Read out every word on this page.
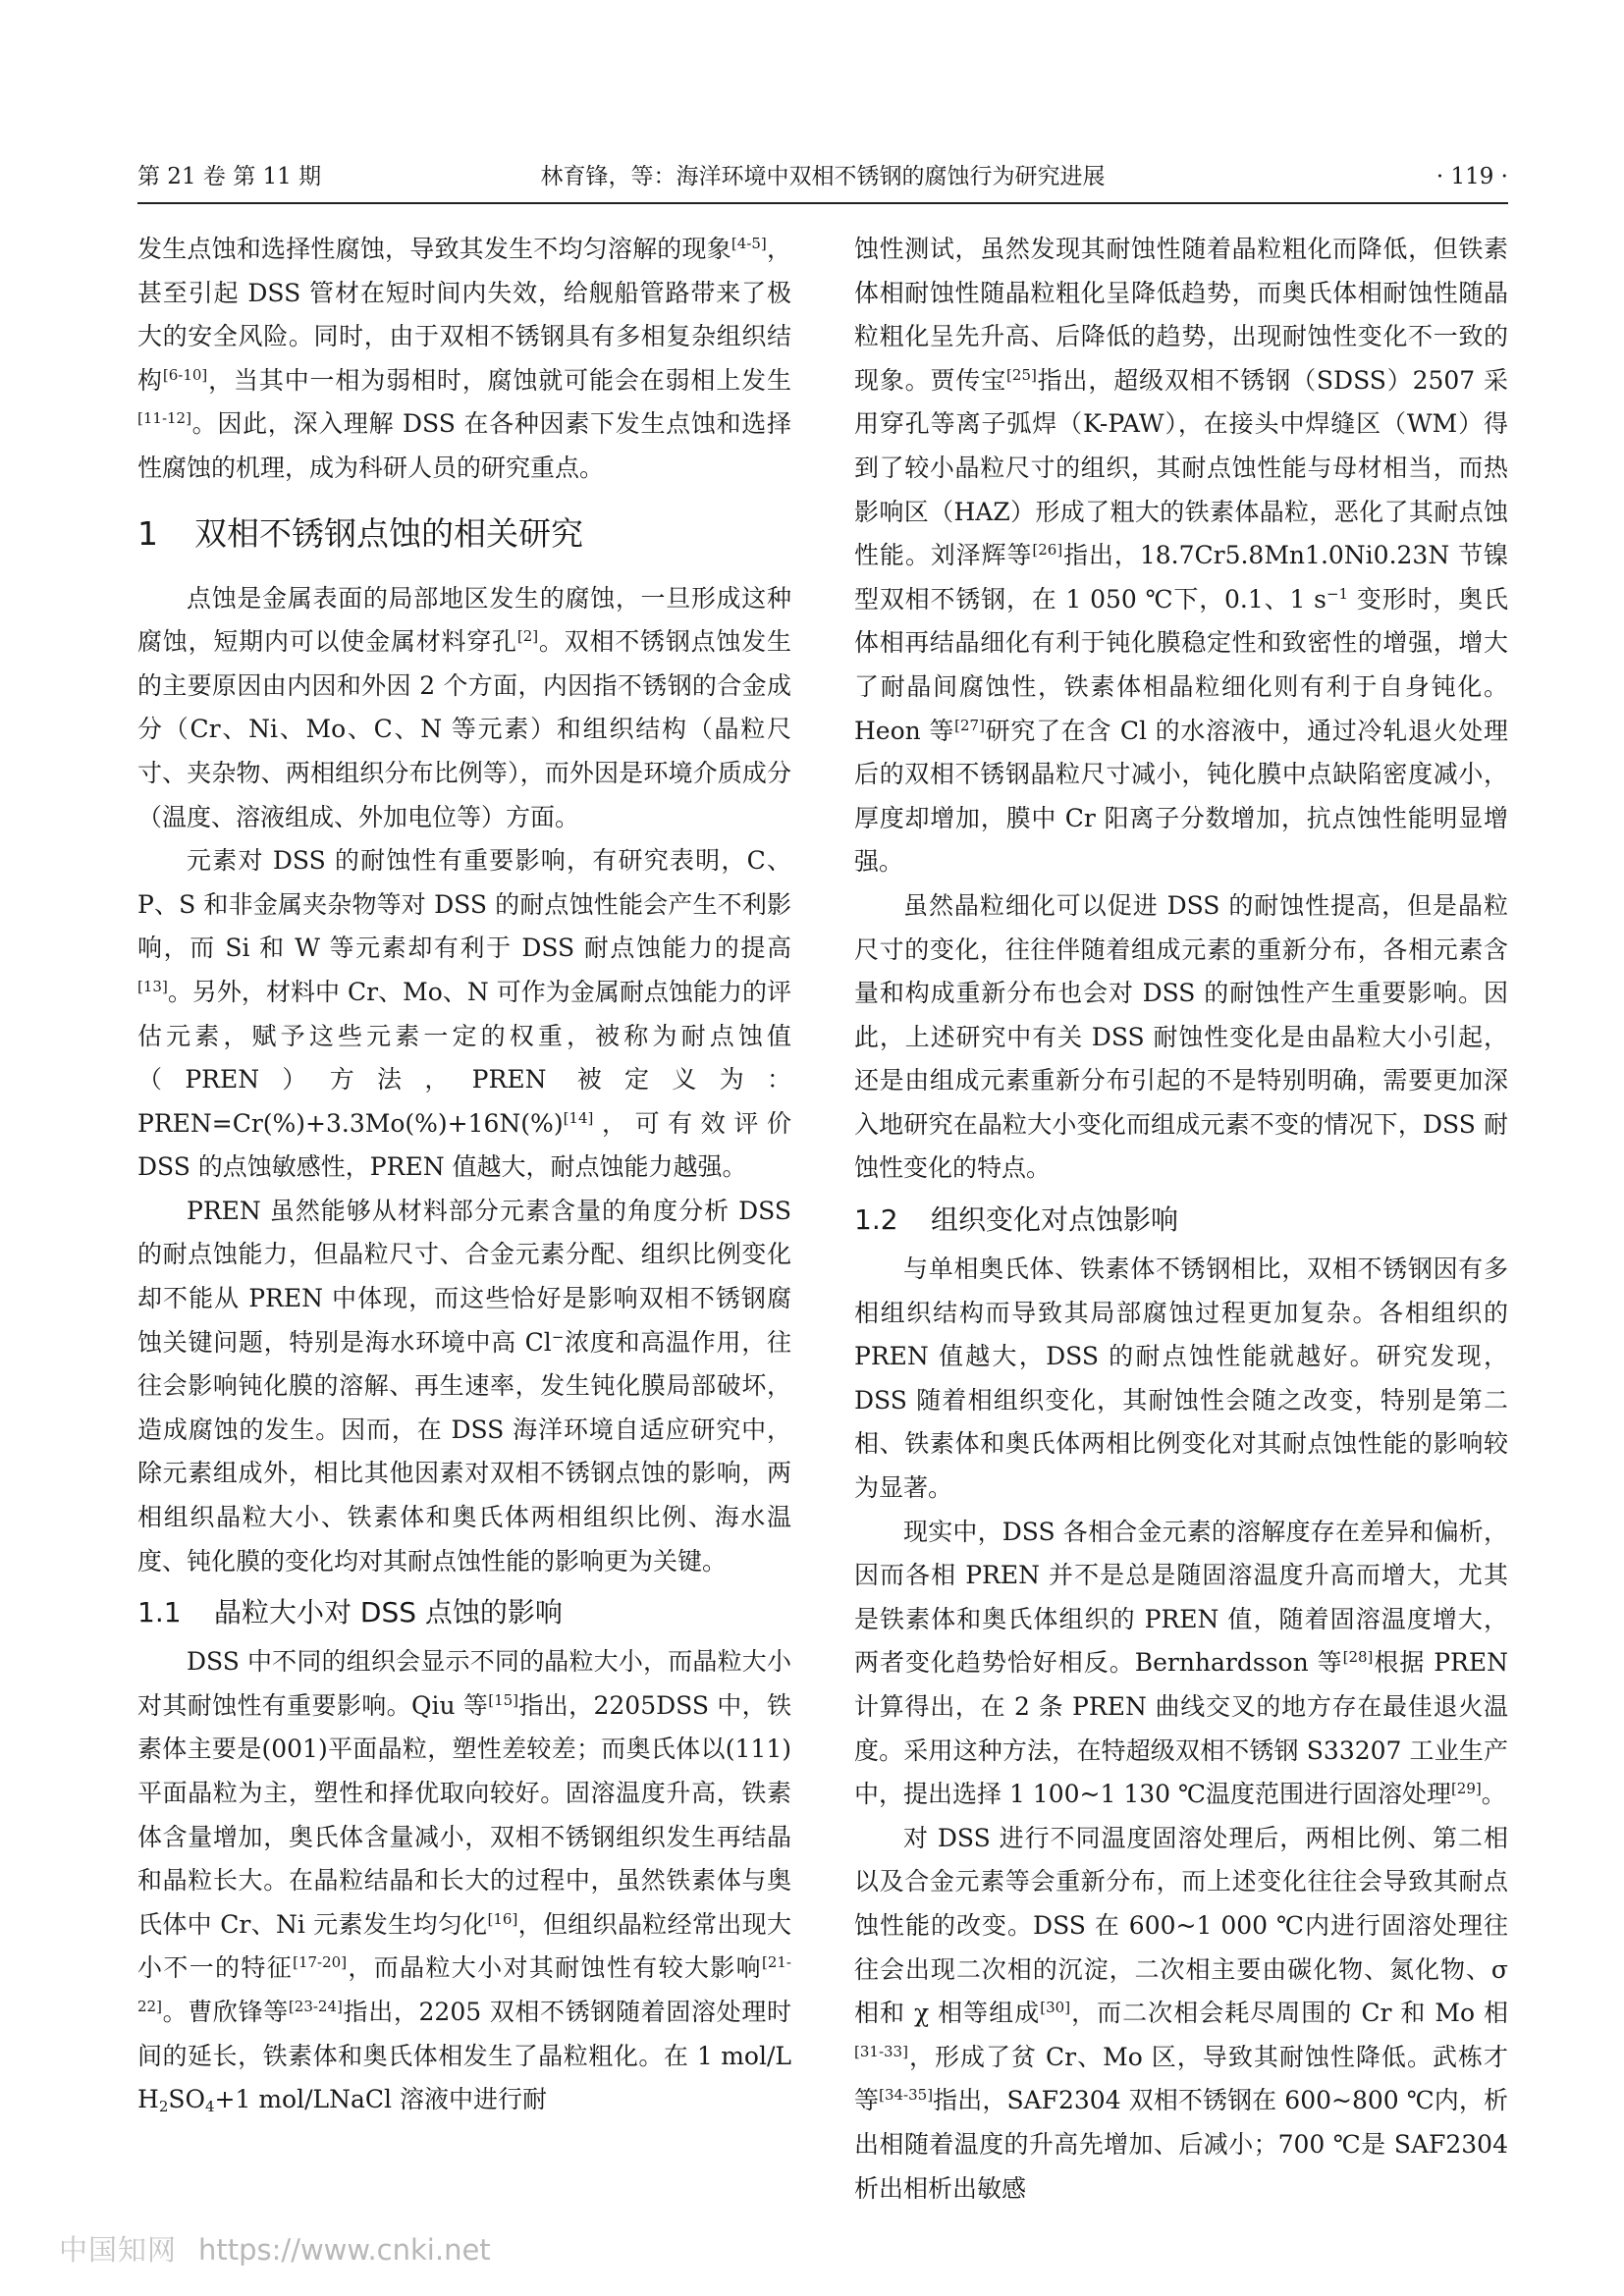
第 21 卷 第 11 期	林育锋，等：海洋环境中双相不锈钢的腐蚀行为研究进展	· 119 ·

发生点蚀和选择性腐蚀，导致其发生不均匀溶解的现象[4-5]，甚至引起 DSS 管材在短时间内失效，给舰船管路带来了极大的安全风险。同时，由于双相不锈钢具有多相复杂组织结构[6-10]，当其中一相为弱相时，腐蚀就可能会在弱相上发生[11-12]。因此，深入理解 DSS 在各种因素下发生点蚀和选择性腐蚀的机理，成为科研人员的研究重点。

1 双相不锈钢点蚀的相关研究

点蚀是金属表面的局部地区发生的腐蚀，一旦形成这种腐蚀，短期内可以使金属材料穿孔[2]。双相不锈钢点蚀发生的主要原因由内因和外因 2 个方面，内因指不锈钢的合金成分（Cr、Ni、Mo、C、N 等元素）和组织结构（晶粒尺寸、夹杂物、两相组织分布比例等），而外因是环境介质成分（温度、溶液组成、外加电位等）方面。

元素对 DSS 的耐蚀性有重要影响，有研究表明，C、P、S 和非金属夹杂物等对 DSS 的耐点蚀性能会产生不利影响，而 Si 和 W 等元素却有利于 DSS 耐点蚀能力的提高[13]。另外，材料中 Cr、Mo、N 可作为金属耐点蚀能力的评估元素，赋予这些元素一定的权重，被称为耐点蚀值（PREN）方法，PREN 被定义为：PREN=Cr(%)+3.3Mo(%)+16N(%)[14]，可有效评价 DSS 的点蚀敏感性，PREN 值越大，耐点蚀能力越强。

PREN 虽然能够从材料部分元素含量的角度分析 DSS 的耐点蚀能力，但晶粒尺寸、合金元素分配、组织比例变化却不能从 PREN 中体现，而这些恰好是影响双相不锈钢腐蚀关键问题，特别是海水环境中高 Cl−浓度和高温作用，往往会影响钝化膜的溶解、再生速率，发生钝化膜局部破坏，造成腐蚀的发生。因而，在 DSS 海洋环境自适应研究中，除元素组成外，相比其他因素对双相不锈钢点蚀的影响，两相组织晶粒大小、铁素体和奥氏体两相组织比例、海水温度、钝化膜的变化均对其耐点蚀性能的影响更为关键。

1.1 晶粒大小对 DSS 点蚀的影响

DSS 中不同的组织会显示不同的晶粒大小，而晶粒大小对其耐蚀性有重要影响。Qiu 等[15]指出，2205DSS 中，铁素体主要是(001)平面晶粒，塑性差较差；而奥氏体以(111)平面晶粒为主，塑性和择优取向较好。固溶温度升高，铁素体含量增加，奥氏体含量减小，双相不锈钢组织发生再结晶和晶粒长大。在晶粒结晶和长大的过程中，虽然铁素体与奥氏体中 Cr、Ni 元素发生均匀化[16]，但组织晶粒经常出现大小不一的特征[17-20]，而晶粒大小对其耐蚀性有较大影响[21-22]。曹欣锋等[23-24]指出，2205 双相不锈钢随着固溶处理时间的延长，铁素体和奥氏体相发生了晶粒粗化。在 1 mol/L $H_2SO_4+1$ mol/LNaCl 溶液中进行耐

蚀性测试，虽然发现其耐蚀性随着晶粒粗化而降低，但铁素体相耐蚀性随晶粒粗化呈降低趋势，而奥氏体相耐蚀性随晶粒粗化呈先升高、后降低的趋势，出现耐蚀性变化不一致的现象。贾传宝[25]指出，超级双相不锈钢（SDSS）2507 采用穿孔等离子弧焊（K-PAW），在接头中焊缝区（WM）得到了较小晶粒尺寸的组织，其耐点蚀性能与母材相当，而热影响区（HAZ）形成了粗大的铁素体晶粒，恶化了其耐点蚀性能。刘泽辉等[26]指出，18.7Cr5.8Mn1.0Ni0.23N 节镍型双相不锈钢，在 1 050 ℃下，0.1、1 $s^{-1}$ 变形时，奥氏体相再结晶细化有利于钝化膜稳定性和致密性的增强，增大了耐晶间腐蚀性，铁素体相晶粒细化则有利于自身钝化。Heon 等[27]研究了在含 Cl 的水溶液中，通过冷轧退火处理后的双相不锈钢晶粒尺寸减小，钝化膜中点缺陷密度减小，厚度却增加，膜中 Cr 阳离子分数增加，抗点蚀性能明显增强。

虽然晶粒细化可以促进 DSS 的耐蚀性提高，但是晶粒尺寸的变化，往往伴随着组成元素的重新分布，各相元素含量和构成重新分布也会对 DSS 的耐蚀性产生重要影响。因此，上述研究中有关 DSS 耐蚀性变化是由晶粒大小引起，还是由组成元素重新分布引起的不是特别明确，需要更加深入地研究在晶粒大小变化而组成元素不变的情况下，DSS 耐蚀性变化的特点。

1.2 组织变化对点蚀影响

与单相奥氏体、铁素体不锈钢相比，双相不锈钢因有多相组织结构而导致其局部腐蚀过程更加复杂。各相组织的 PREN 值越大，DSS 的耐点蚀性能就越好。研究发现，DSS 随着相组织变化，其耐蚀性会随之改变，特别是第二相、铁素体和奥氏体两相比例变化对其耐点蚀性能的影响较为显著。

现实中，DSS 各相合金元素的溶解度存在差异和偏析，因而各相 PREN 并不是总是随固溶温度升高而增大，尤其是铁素体和奥氏体组织的 PREN 值，随着固溶温度增大，两者变化趋势恰好相反。Bernhardsson 等[28]根据 PREN 计算得出，在 2 条 PREN 曲线交叉的地方存在最佳退火温度。采用这种方法，在特超级双相不锈钢 S33207 工业生产中，提出选择 1 100~1 130 ℃温度范围进行固溶处理[29]。

对 DSS 进行不同温度固溶处理后，两相比例、第二相以及合金元素等会重新分布，而上述变化往往会导致其耐点蚀性能的改变。DSS 在 600~1 000 ℃内进行固溶处理往往会出现二次相的沉淀，二次相主要由碳化物、氮化物、σ 相和 χ 相等组成[30]，而二次相会耗尽周围的 Cr 和 Mo 相[31-33]，形成了贫 Cr、Mo 区，导致其耐蚀性降低。武栋才等[34-35]指出，SAF2304 双相不锈钢在 600~800 ℃内，析出相随着温度的升高先增加、后减小；700 ℃是 SAF2304 析出相析出敏感

中国知网 https://www.cnki.net
